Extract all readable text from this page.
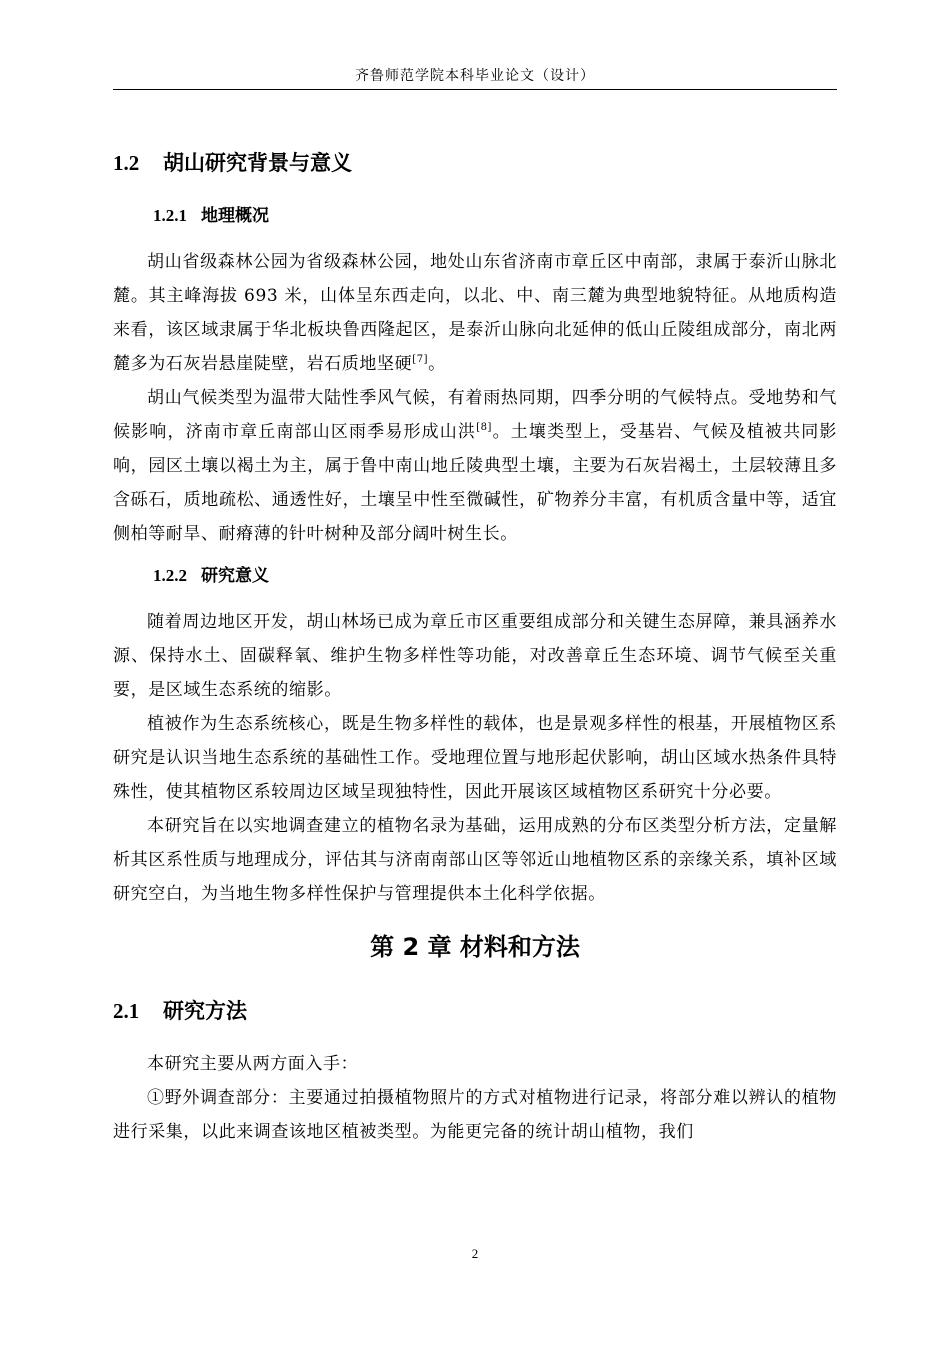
齐鲁师范学院本科毕业论文（设计）
1.2 胡山研究背景与意义
1.2.1 地理概况

胡山省级森林公园为省级森林公园，地处山东省济南市章丘区中南部，隶属于泰沂山脉北麓。其主峰海拔 693 米，山体呈东西走向，以北、中、南三麓为典型地貌特征。从地质构造来看，该区域隶属于华北板块鲁西隆起区，是泰沂山脉向北延伸的低山丘陵组成部分，南北两麓多为石灰岩悬崖陡壁，岩石质地坚硬[7]。

胡山气候类型为温带大陆性季风气候，有着雨热同期，四季分明的气候特点。受地势和气候影响，济南市章丘南部山区雨季易形成山洪[8]。土壤类型上，受基岩、气候及植被共同影响，园区土壤以褐土为主，属于鲁中南山地丘陵典型土壤，主要为石灰岩褐土，土层较薄且多含砾石，质地疏松、通透性好，土壤呈中性至微碱性，矿物养分丰富，有机质含量中等，适宜侧柏等耐旱、耐瘠薄的针叶树种及部分阔叶树生长。

1.2.2 研究意义

随着周边地区开发，胡山林场已成为章丘市区重要组成部分和关键生态屏障，兼具涵养水源、保持水土、固碳释氧、维护生物多样性等功能，对改善章丘生态环境、调节气候至关重要，是区域生态系统的缩影。

植被作为生态系统核心，既是生物多样性的载体，也是景观多样性的根基，开展植物区系研究是认识当地生态系统的基础性工作。受地理位置与地形起伏影响，胡山区域水热条件具特殊性，使其植物区系较周边区域呈现独特性，因此开展该区域植物区系研究十分必要。

本研究旨在以实地调查建立的植物名录为基础，运用成熟的分布区类型分析方法，定量解析其区系性质与地理成分，评估其与济南南部山区等邻近山地植物区系的亲缘关系，填补区域研究空白，为当地生物多样性保护与管理提供本土化科学依据。

第 2 章 材料和方法
2.1 研究方法

本研究主要从两方面入手：

①野外调查部分：主要通过拍摄植物照片的方式对植物进行记录，将部分难以辨认的植物进行采集，以此来调查该地区植被类型。为能更完备的统计胡山植物，我们

2
